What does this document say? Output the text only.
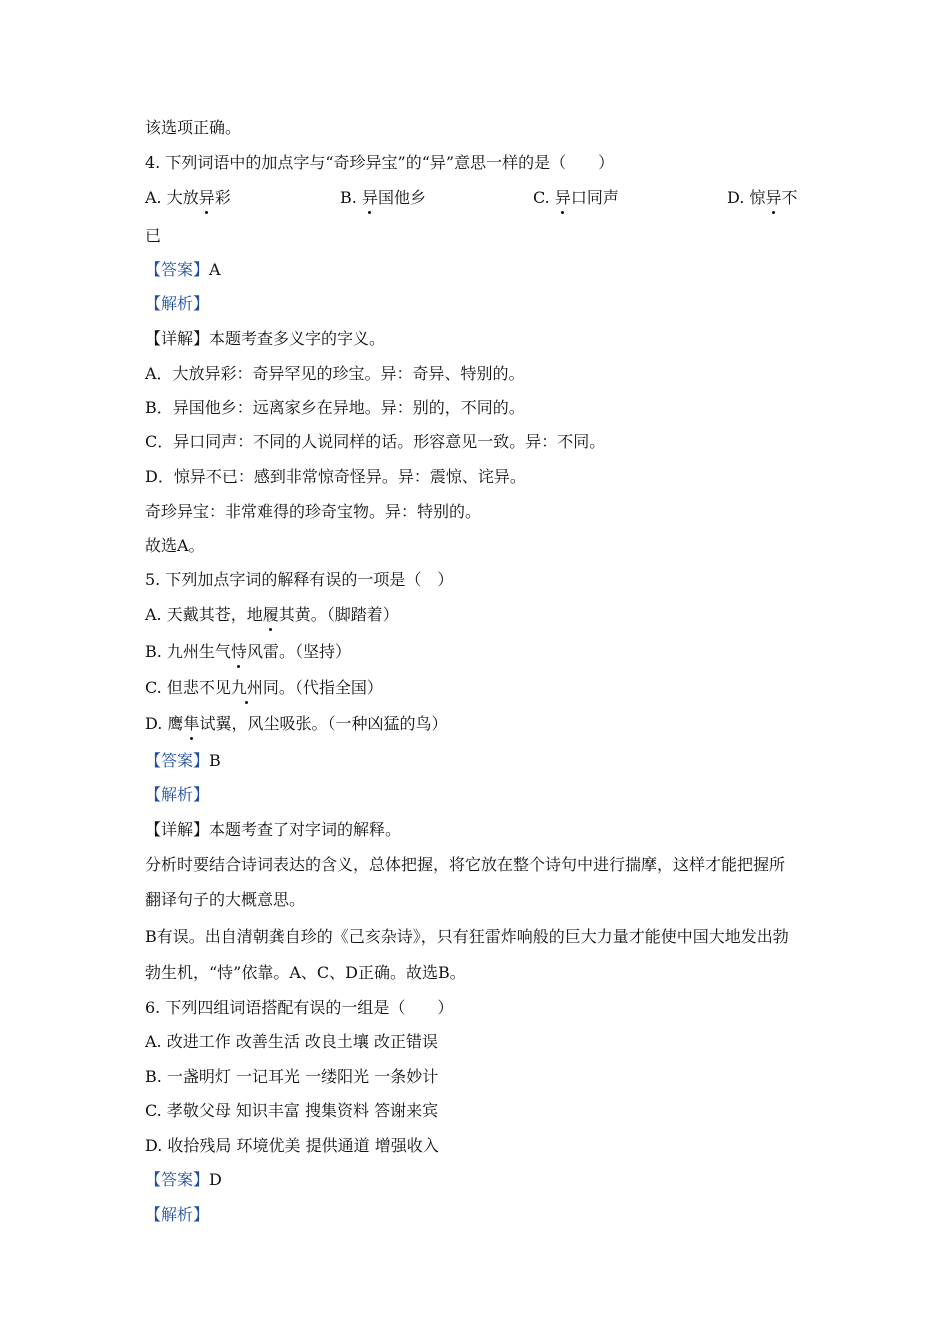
该选项正确。
4. 下列词语中的加点字与“奇珍异宝”的“异”意思一样的是（　　）
A. 大放异彩	B. 异国他乡	C. 异口同声	D. 惊异不
已
【答案】A
【解析】
【详解】本题考查多义字的字义。
A．大放异彩：奇异罕见的珍宝。异：奇异、特别的。
B．异国他乡：远离家乡在异地。异：别的，不同的。
C．异口同声：不同的人说同样的话。形容意见一致。异：不同。
D．惊异不已：感到非常惊奇怪异。异：震惊、诧异。
奇珍异宝：非常难得的珍奇宝物。异：特别的。
故选A。
5. 下列加点字词的解释有误的一项是（　）
A. 天戴其苍，地履其黄。（脚踏着）
B. 九州生气恃风雷。（坚持）
C. 但悲不见九州同。（代指全国）
D. 鹰隼试翼，风尘吸张。（一种凶猛的鸟）
【答案】B
【解析】
【详解】本题考查了对字词的解释。
分析时要结合诗词表达的含义，总体把握，将它放在整个诗句中进行揣摩，这样才能把握所
翻译句子的大概意思。
B有误。出自清朝龚自珍的《己亥杂诗》，只有狂雷炸响般的巨大力量才能使中国大地发出勃
勃生机，“恃”依靠。A、C、D正确。故选B。
6. 下列四组词语搭配有误的一组是（　　）
A. 改进工作 改善生活 改良土壤 改正错误
B. 一盏明灯 一记耳光 一缕阳光 一条妙计
C. 孝敬父母 知识丰富 搜集资料 答谢来宾
D. 收拾残局 环境优美 提供通道 增强收入
【答案】D
【解析】
